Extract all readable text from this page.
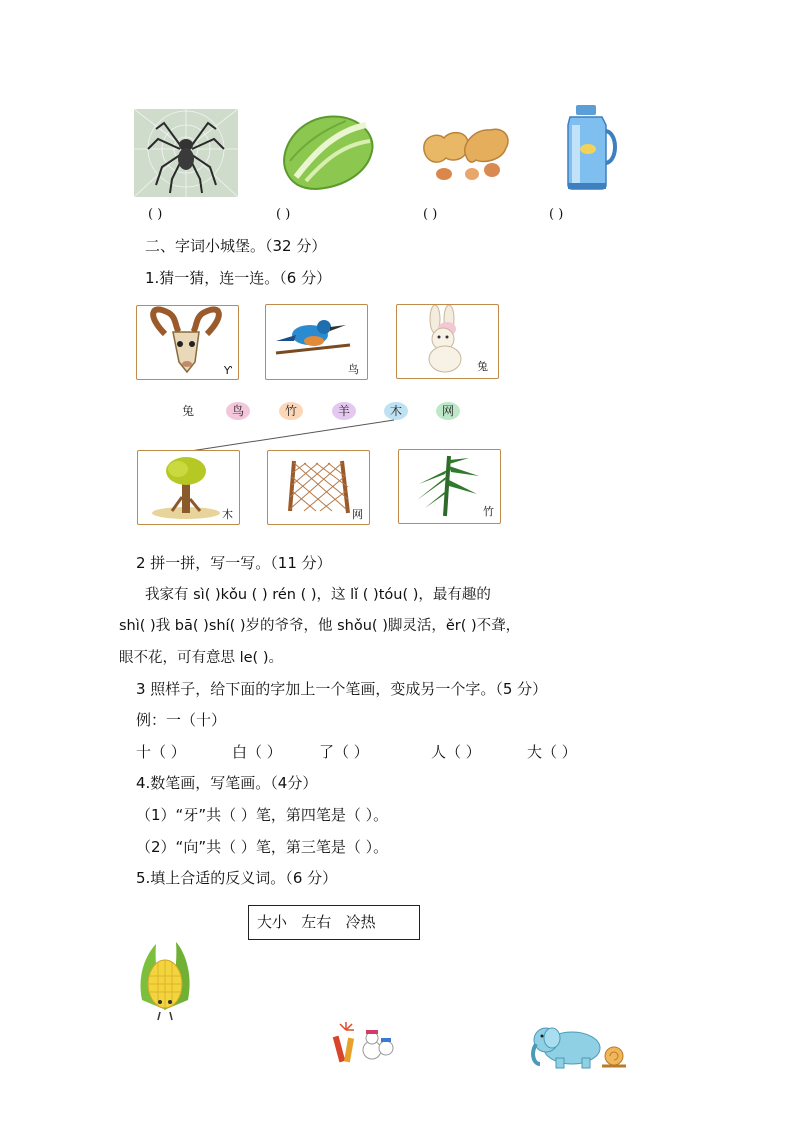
( )	( )	( )	( )
二、字词小城堡。（32 分）
1.猜一猜，连一连。（6 分）
Ƴ	鸟	兔
兔	鸟	竹	羊	木	网
木	网	竹
2 拼一拼，写一写。（11 分）
我家有 sì( )kǒu ( ) rén ( )，这 lǐ ( )tóu( )，最有趣的
shì( )我 bā( )shí( )岁的爷爷，他 shǒu( )脚灵活，ěr( )不聋，
眼不花，可有意思 le( )。
3 照样子，给下面的字加上一个笔画，变成另一个字。（5 分）
例：一（十）
十（ ）	白（ ） 了（ ）	人（ ）	大（ ）
4.数笔画，写笔画。（4分）
（1）“牙”共（ ）笔，第四笔是（ ）。
（2）“向”共（ ）笔，第三笔是（ ）。
5.填上合适的反义词。（6 分）
大小   左右   冷热
